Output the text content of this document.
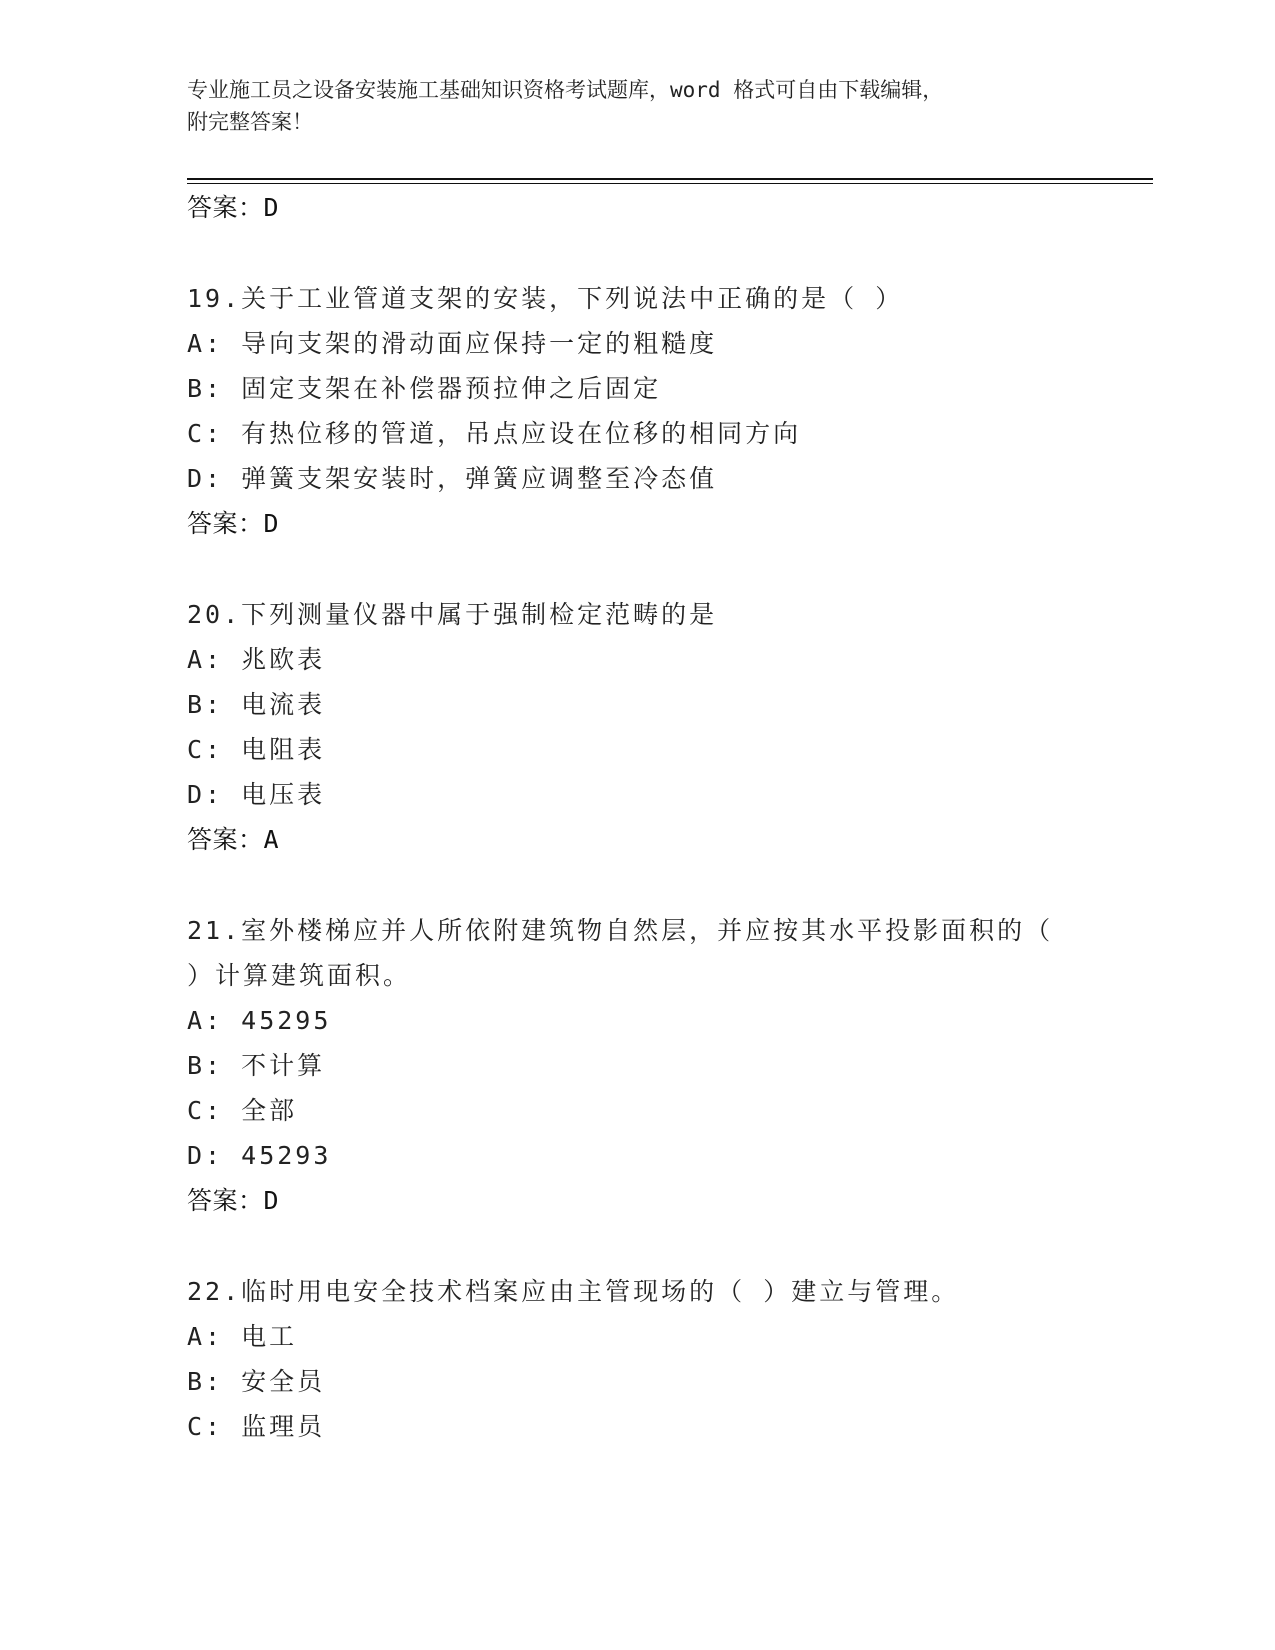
专业施工员之设备安装施工基础知识资格考试题库，word 格式可自由下载编辑，
附完整答案！
答案：D
19.关于工业管道支架的安装，下列说法中正确的是（ ）
A: 导向支架的滑动面应保持一定的粗糙度
B: 固定支架在补偿器预拉伸之后固定
C: 有热位移的管道，吊点应设在位移的相同方向
D: 弹簧支架安装时，弹簧应调整至冷态值
答案：D
20.下列测量仪器中属于强制检定范畴的是
A: 兆欧表
B: 电流表
C: 电阻表
D: 电压表
答案：A
21.室外楼梯应并人所依附建筑物自然层，并应按其水平投影面积的（
）计算建筑面积。
A: 45295
B: 不计算
C: 全部
D: 45293
答案：D
22.临时用电安全技术档案应由主管现场的（ ）建立与管理。
A: 电工
B: 安全员
C: 监理员
